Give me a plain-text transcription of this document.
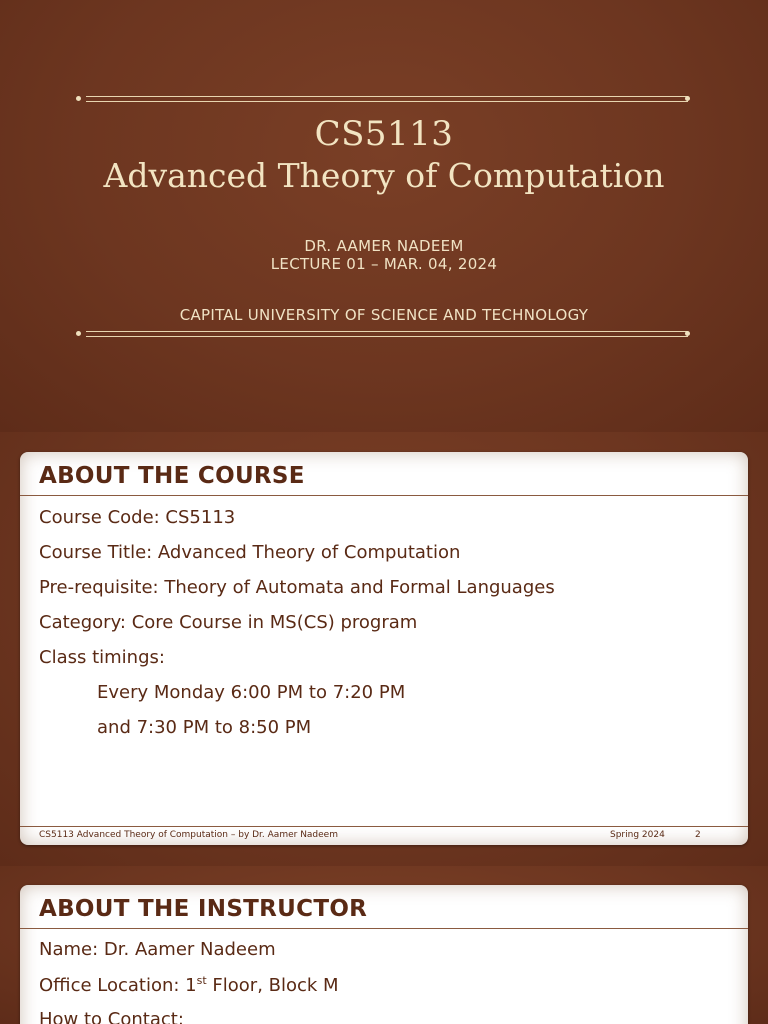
CS5113
Advanced Theory of Computation
DR. AAMER NADEEM
LECTURE 01 – MAR. 04, 2024
CAPITAL UNIVERSITY OF SCIENCE AND TECHNOLOGY
ABOUT THE COURSE
Course Code: CS5113
Course Title: Advanced Theory of Computation
Pre-requisite: Theory of Automata and Formal Languages
Category: Core Course in MS(CS) program
Class timings:
Every Monday 6:00 PM to 7:20 PM
and 7:30 PM to 8:50 PM
CS5113 Advanced Theory of Computation – by Dr. Aamer Nadeem	Spring 2024	2
ABOUT THE INSTRUCTOR
Name: Dr. Aamer Nadeem
Office Location: 1st Floor, Block M
How to Contact:
